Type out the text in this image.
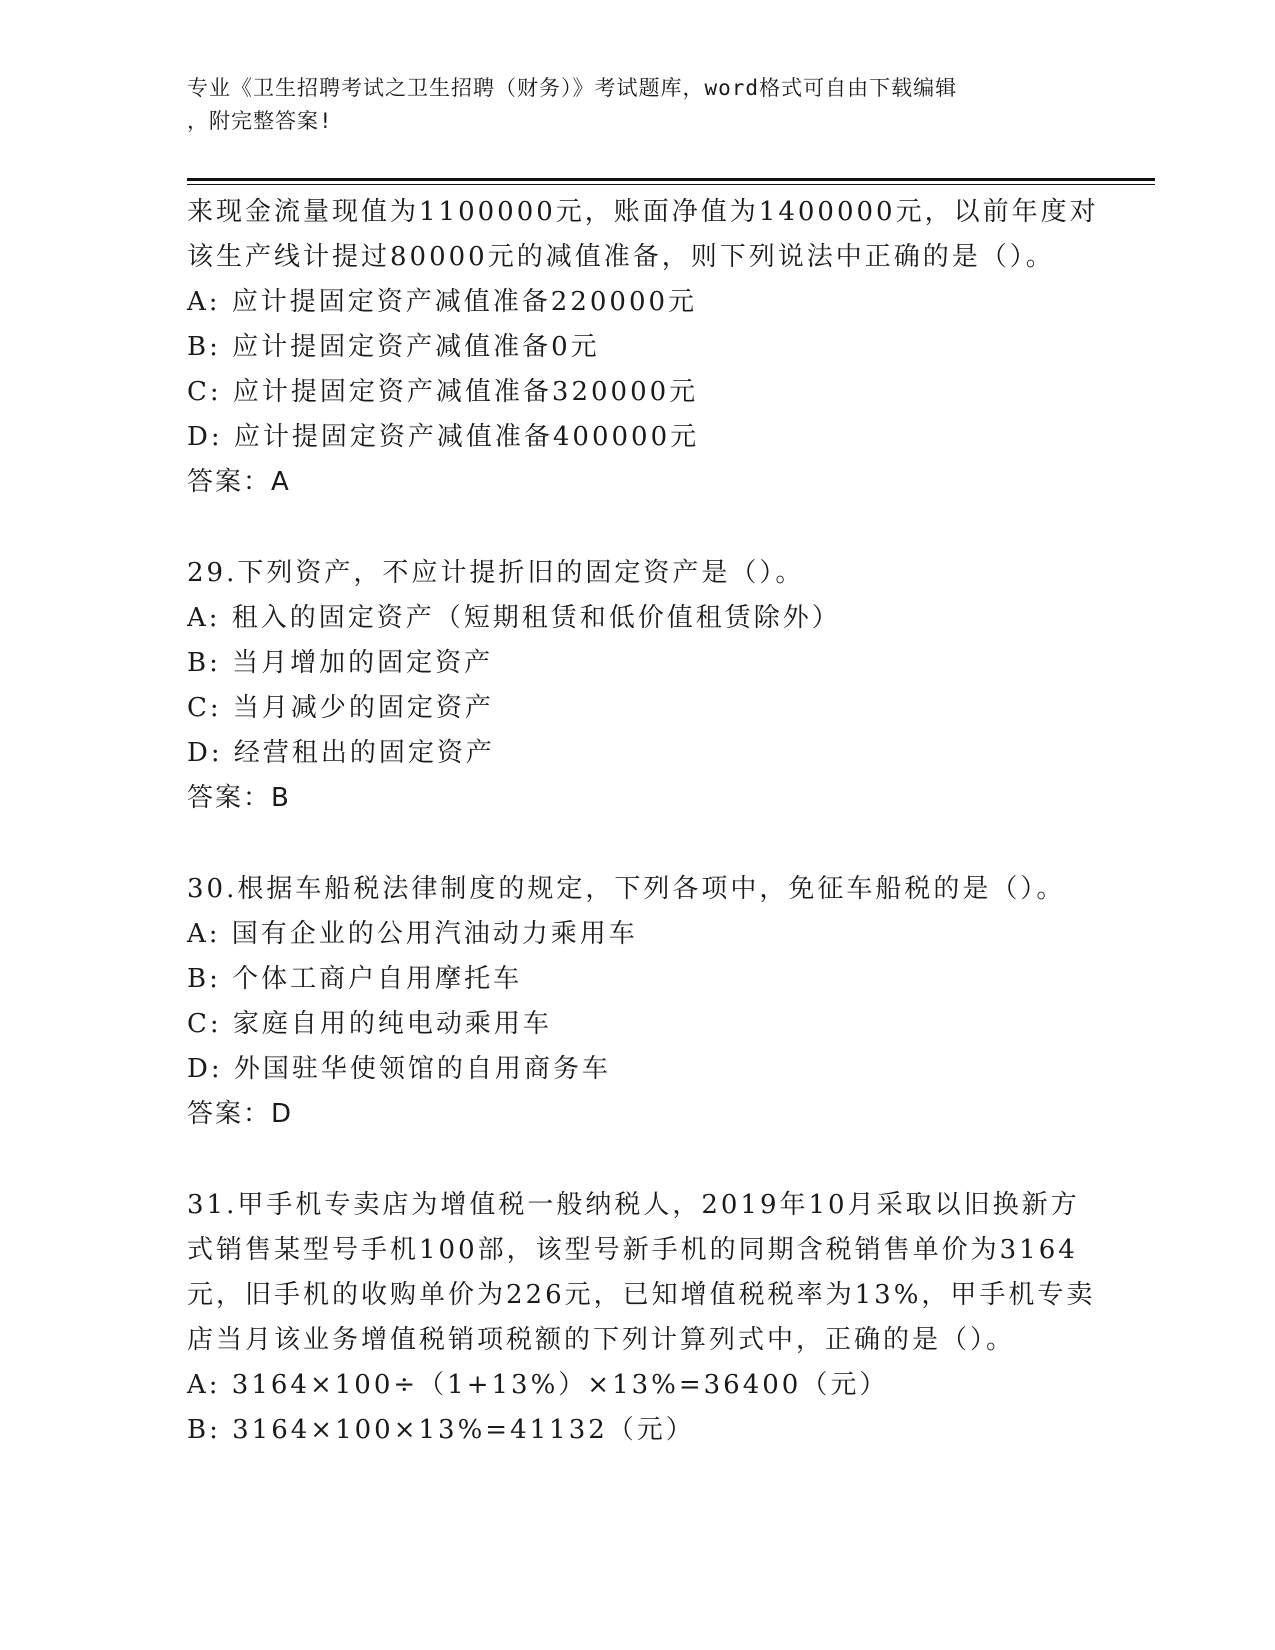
专业《卫生招聘考试之卫生招聘（财务）》考试题库，word格式可自由下载编辑
，附完整答案!
来现金流量现值为1100000元，账面净值为1400000元，以前年度对
该生产线计提过80000元的减值准备，则下列说法中正确的是（）。
A: 应计提固定资产减值准备220000元
B: 应计提固定资产减值准备0元
C: 应计提固定资产减值准备320000元
D: 应计提固定资产减值准备400000元
答案：A
29.下列资产，不应计提折旧的固定资产是（）。
A: 租入的固定资产（短期租赁和低价值租赁除外）
B: 当月增加的固定资产
C: 当月减少的固定资产
D: 经营租出的固定资产
答案：B
30.根据车船税法律制度的规定，下列各项中，免征车船税的是（）。
A: 国有企业的公用汽油动力乘用车
B: 个体工商户自用摩托车
C: 家庭自用的纯电动乘用车
D: 外国驻华使领馆的自用商务车
答案：D
31.甲手机专卖店为增值税一般纳税人，2019年10月采取以旧换新方
式销售某型号手机100部，该型号新手机的同期含税销售单价为3164
元，旧手机的收购单价为226元，已知增值税税率为13%，甲手机专卖
店当月该业务增值税销项税额的下列计算列式中，正确的是（）。
A: 3164×100÷（1+13%）×13%=36400（元）
B: 3164×100×13%=41132（元）
